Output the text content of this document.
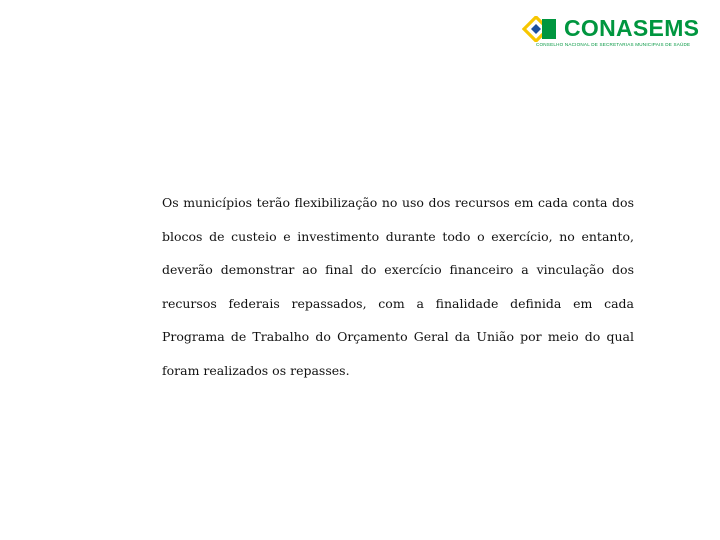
CONASEMS
CONSELHO NACIONAL DE SECRETARIAS MUNICIPAIS DE SAÚDE

Os municípios terão flexibilização no uso dos recursos em cada conta dos blocos de custeio e investimento durante todo o exercício, no entanto, deverão demonstrar ao final do exercício financeiro a vinculação dos recursos federais repassados, com a finalidade definida em cada Programa de Trabalho do Orçamento Geral da União por meio do qual foram realizados os repasses.
